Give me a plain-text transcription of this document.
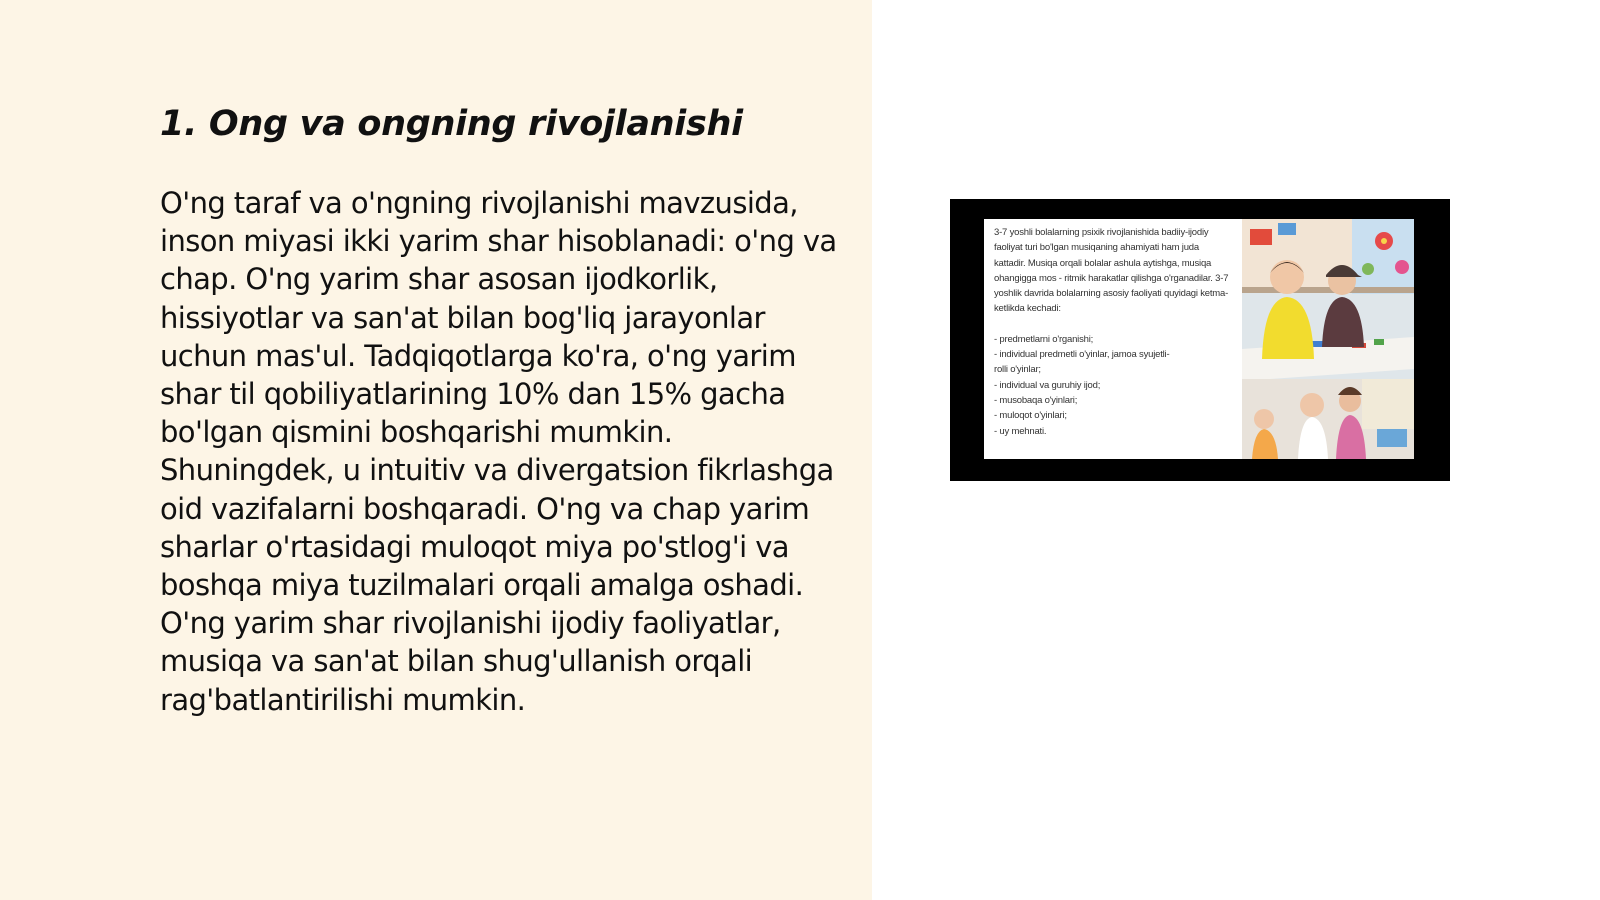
1. Ong va ongning rivojlanishi

O'ng taraf va o'ngning rivojlanishi mavzusida, inson miyasi ikki yarim shar hisoblanadi: o'ng va chap. O'ng yarim shar asosan ijodkorlik, hissiyotlar va san'at bilan bog'liq jarayonlar uchun mas'ul. Tadqiqotlarga ko'ra, o'ng yarim shar til qobiliyatlarining 10% dan 15% gacha bo'lgan qismini boshqarishi mumkin. Shuningdek, u intuitiv va divergatsion fikrlashga oid vazifalarni boshqaradi. O'ng va chap yarim sharlar o'rtasidagi muloqot miya po'stlog'i va boshqa miya tuzilmalari orqali amalga oshadi. O'ng yarim shar rivojlanishi ijodiy faoliyatlar, musiqa va san'at bilan shug'ullanish orqali rag'batlantirilishi mumkin.

3-7 yoshli bolalarning psixik rivojlanishida badiiy-ijodiy faoliyat turi bo'lgan musiqaning ahamiyati ham juda kattadir. Musiqa orqali bolalar ashula aytishga, musiqa ohangigga mos - ritmik harakatlar qilishga o'rganadilar. 3-7 yoshlik davrida bolalarning asosiy faoliyati quyidagi ketma-ketlikda kechadi:

- predmetlarni o'rganishi;

- individual predmetli o'yinlar, jamoa syujetli-

rolli o'yinlar;

- individual va guruhiy ijod;

- musobaqa o'yinlari;

- muloqot o'yinlari;

- uy mehnati.
